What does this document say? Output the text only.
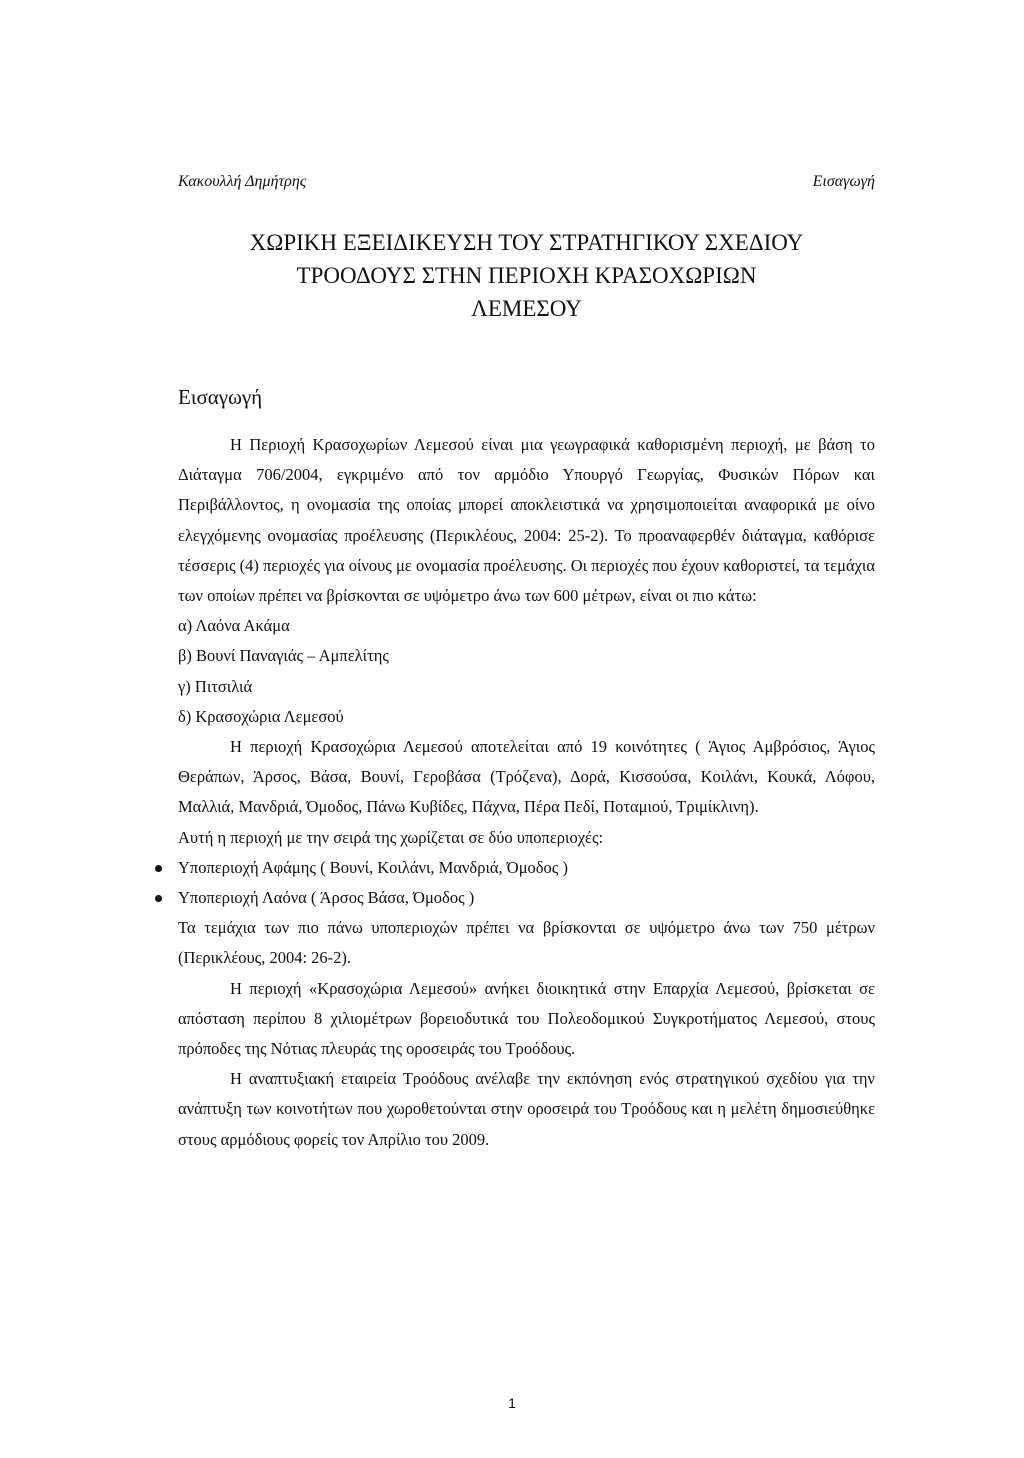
Κακουλλή Δημήτρης	Εισαγωγή
ΧΩΡΙΚΗ ΕΞΕΙΔΙΚΕΥΣΗ ΤΟΥ ΣΤΡΑΤΗΓΙΚΟΥ ΣΧΕΔΙΟΥ
ΤΡΟΟΔΟΥΣ ΣΤΗΝ ΠΕΡΙΟΧΗ ΚΡΑΣΟΧΩΡΙΩΝ
ΛΕΜΕΣΟΥ
Εισαγωγή

Η Περιοχή Κρασοχωρίων Λεμεσού είναι μια γεωγραφικά καθορισμένη περιοχή, με βάση το Διάταγμα 706/2004, εγκριμένο από τον αρμόδιο Υπουργό Γεωργίας, Φυσικών Πόρων και Περιβάλλοντος, η ονομασία της οποίας μπορεί αποκλειστικά να χρησιμοποιείται αναφορικά με οίνο ελεγχόμενης ονομασίας προέλευσης (Περικλέους, 2004: 25-2). Το προαναφερθέν διάταγμα, καθόρισε τέσσερις (4) περιοχές για οίνους με ονομασία προέλευσης. Οι περιοχές που έχουν καθοριστεί, τα τεμάχια των οποίων πρέπει να βρίσκονται σε υψόμετρο άνω των 600 μέτρων, είναι οι πιο κάτω:

α) Λαόνα Ακάμα
β) Βουνί Παναγιάς – Αμπελίτης
γ) Πιτσιλιά
δ) Κρασοχώρια Λεμεσού

Η περιοχή Κρασοχώρια Λεμεσού αποτελείται από 19 κοινότητες ( Άγιος Αμβρόσιος, Άγιος Θεράπων, Άρσος, Βάσα, Βουνί, Γεροβάσα (Τρόζενα), Δορά, Κισσούσα, Κοιλάνι, Κουκά, Λόφου, Μαλλιά, Μανδριά, Όμοδος, Πάνω Κυβίδες, Πάχνα, Πέρα Πεδί, Ποταμιού, Τριμίκλινη).

Αυτή η περιοχή με την σειρά της χωρίζεται σε δύο υποπεριοχές:

Υποπεριοχή Αφάμης ( Βουνί, Κοιλάνι, Μανδριά, Όμοδος )
Υποπεριοχή Λαόνα ( Άρσος Βάσα, Όμοδος )

Τα τεμάχια των πιο πάνω υποπεριοχών πρέπει να βρίσκονται σε υψόμετρο άνω των 750 μέτρων (Περικλέους, 2004: 26-2).

Η περιοχή «Κρασοχώρια Λεμεσού» ανήκει διοικητικά στην Επαρχία Λεμεσού, βρίσκεται σε απόσταση περίπου 8 χιλιομέτρων βορειοδυτικά του Πολεοδομικού Συγκροτήματος Λεμεσού, στους πρόποδες της Νότιας πλευράς της οροσειράς του Τροόδους.

Η αναπτυξιακή εταιρεία Τροόδους ανέλαβε την εκπόνηση ενός στρατηγικού σχεδίου για την ανάπτυξη των κοινοτήτων που χωροθετούνται στην οροσειρά του Τροόδους και η μελέτη δημοσιεύθηκε στους αρμόδιους φορείς τον Απρίλιο του 2009.

1
